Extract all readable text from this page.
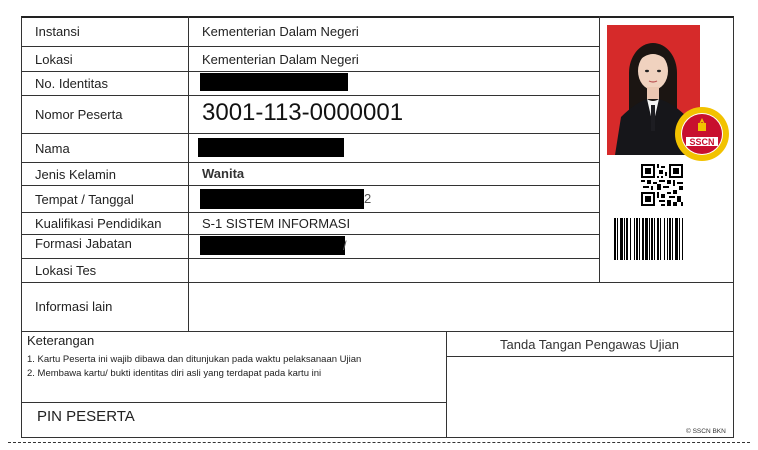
Instansi
Lokasi
No. Identitas
Nomor Peserta
Nama
Jenis Kelamin
Tempat / Tanggal
Kualifikasi Pendidikan
Formasi Jabatan
Lokasi Tes
Informasi lain
Kementerian Dalam Negeri
Kementerian Dalam Negeri
3001-113-0000001
Wanita
2
S-1 SISTEM INFORMASI
/
SSCN
Keterangan
1. Kartu Peserta ini wajib dibawa dan ditunjukan pada waktu pelaksanaan Ujian
2. Membawa kartu/ bukti identitas diri asli yang terdapat pada kartu ini
Tanda Tangan Pengawas Ujian
PIN PESERTA
© SSCN BKN
